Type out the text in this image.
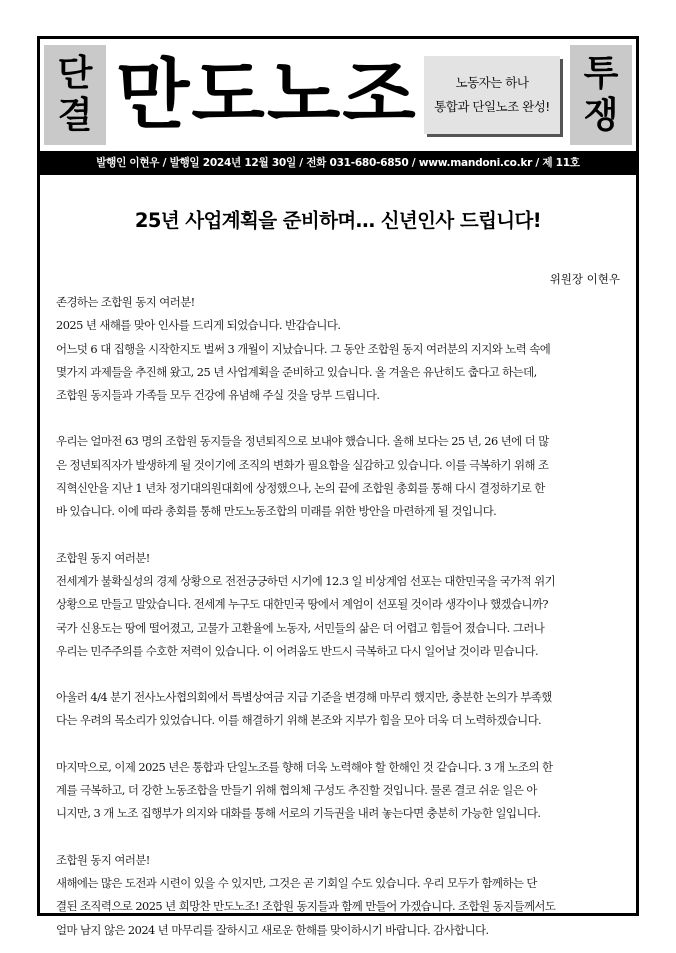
단
결 만도노조	노동자는 하나
통합과 단일노조 완성!
투
쟁
발행인 이현우 / 발행일 2024년 12월 30일 / 전화 031-680-6850 / www.mandoni.co.kr / 제 11호
25년 사업계획을 준비하며… 신년인사 드립니다!
위원장 이현우

존경하는 조합원 동지 여러분!

2025 년 새해를 맞아 인사를 드리게 되었습니다. 반갑습니다.

어느덧 6 대 집행을 시작한지도 벌써 3 개월이 지났습니다. 그 동안 조합원 동지 여러분의 지지와 노력 속에

몇가지 과제들을 추진해 왔고, 25 년 사업계획을 준비하고 있습니다. 올 겨울은 유난히도 춥다고 하는데,

조합원 동지들과 가족들 모두 건강에 유념해 주실 것을 당부 드립니다.

우리는 얼마전 63 명의 조합원 동지들을 정년퇴직으로 보내야 했습니다. 올해 보다는 25 년, 26 년에 더 많

은 정년퇴직자가 발생하게 될 것이기에 조직의 변화가 필요함을 실감하고 있습니다. 이를 극복하기 위해 조

직혁신안을 지난 1 년차 정기대의원대회에 상정했으나, 논의 끝에 조합원 총회를 통해 다시 결정하기로 한

바 있습니다. 이에 따라 총회를 통해 만도노동조합의 미래를 위한 방안을 마련하게 될 것입니다.

조합원 동지 여러분!

전세계가 불확실성의 경제 상황으로 전전긍긍하던 시기에 12.3 일 비상계엄 선포는 대한민국을 국가적 위기

상황으로 만들고 말았습니다. 전세계 누구도 대한민국 땅에서 계엄이 선포될 것이라 생각이나 했겠습니까?

국가 신용도는 땅에 떨어졌고, 고물가 고환율에 노동자, 서민들의 삶은 더 어렵고 힘들어 졌습니다. 그러나

우리는 민주주의를 수호한 저력이 있습니다. 이 어려움도 반드시 극복하고 다시 일어날 것이라 믿습니다.

아울러 4/4 분기 전사노사협의회에서 특별상여금 지급 기준을 변경해 마무리 했지만, 충분한 논의가 부족했

다는 우려의 목소리가 있었습니다. 이를 해결하기 위해 본조와 지부가 힘을 모아 더욱 더 노력하겠습니다.

마지막으로, 이제 2025 년은 통합과 단일노조를 향해 더욱 노력해야 할 한해인 것 같습니다. 3 개 노조의 한

계를 극복하고, 더 강한 노동조합을 만들기 위해 협의체 구성도 추진할 것입니다. 물론 결코 쉬운 일은 아

니지만, 3 개 노조 집행부가 의지와 대화를 통해 서로의 기득권을 내려 놓는다면 충분히 가능한 일입니다.

조합원 동지 여러분!

새해에는 많은 도전과 시련이 있을 수 있지만, 그것은 곧 기회일 수도 있습니다. 우리 모두가 함께하는 단

결된 조직력으로 2025 년 희망찬 만도노조! 조합원 동지들과 함께 만들어 가겠습니다. 조합원 동지들께서도

얼마 남지 않은 2024 년 마무리를 잘하시고 새로운 한해를 맞이하시기 바랍니다. 감사합니다.
